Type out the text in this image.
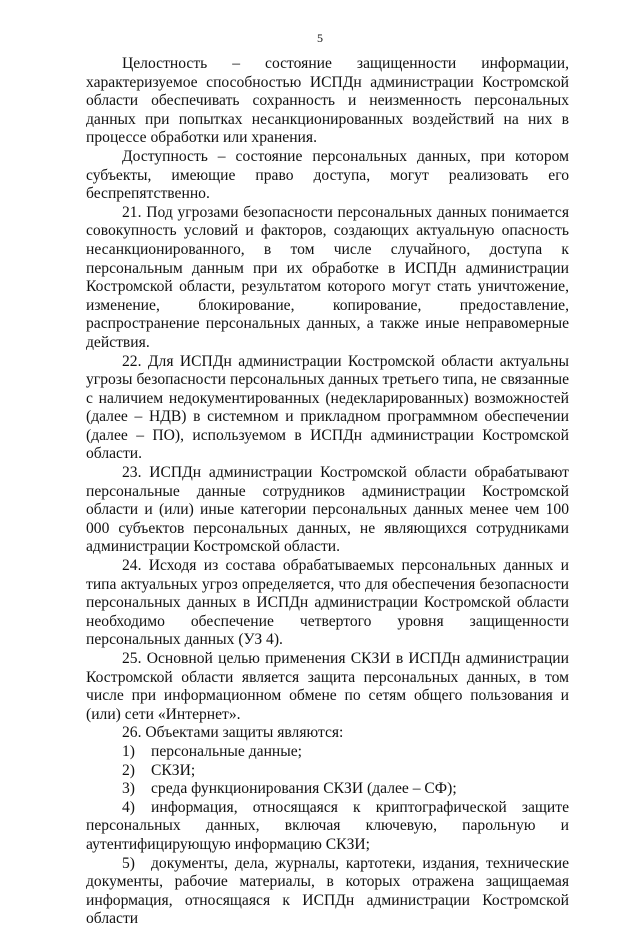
5

Целостность – состояние защищенности информации, характеризуемое способностью ИСПДн администрации Костромской области обеспечивать сохранность и неизменность персональных данных при попытках несанкционированных воздействий на них в процессе обработки или хранения.

Доступность – состояние персональных данных, при котором субъекты, имеющие право доступа, могут реализовать его беспрепятственно.

21. Под угрозами безопасности персональных данных понимается совокупность условий и факторов, создающих актуальную опасность несанкционированного, в том числе случайного, доступа к персональным данным при их обработке в ИСПДн администрации Костромской области, результатом которого могут стать уничтожение, изменение, блокирование, копирование, предоставление, распространение персональных данных, а также иные неправомерные действия.

22. Для ИСПДн администрации Костромской области актуальны угрозы безопасности персональных данных третьего типа, не связанные с наличием недокументированных (недекларированных) возможностей (далее – НДВ) в системном и прикладном программном обеспечении (далее – ПО), используемом в ИСПДн администрации Костромской области.

23. ИСПДн администрации Костромской области обрабатывают персональные данные сотрудников администрации Костромской области и (или) иные категории персональных данных менее чем 100 000 субъектов персональных данных, не являющихся сотрудниками администрации Костромской области.

24. Исходя из состава обрабатываемых персональных данных и типа актуальных угроз определяется, что для обеспечения безопасности персональных данных в ИСПДн администрации Костромской области необходимо обеспечение четвертого уровня защищенности персональных данных (УЗ 4).

25. Основной целью применения СКЗИ в ИСПДн администрации Костромской области является защита персональных данных, в том числе при информационном обмене по сетям общего пользования и (или) сети «Интернет».

26. Объектами защиты являются:

1) персональные данные;

2) СКЗИ;

3) среда функционирования СКЗИ (далее – СФ);

4) информация, относящаяся к криптографической защите персональных данных, включая ключевую, парольную и аутентифицирующую информацию СКЗИ;

5) документы, дела, журналы, картотеки, издания, технические документы, рабочие материалы, в которых отражена защищаемая информация, относящаяся к ИСПДн администрации Костромской области
